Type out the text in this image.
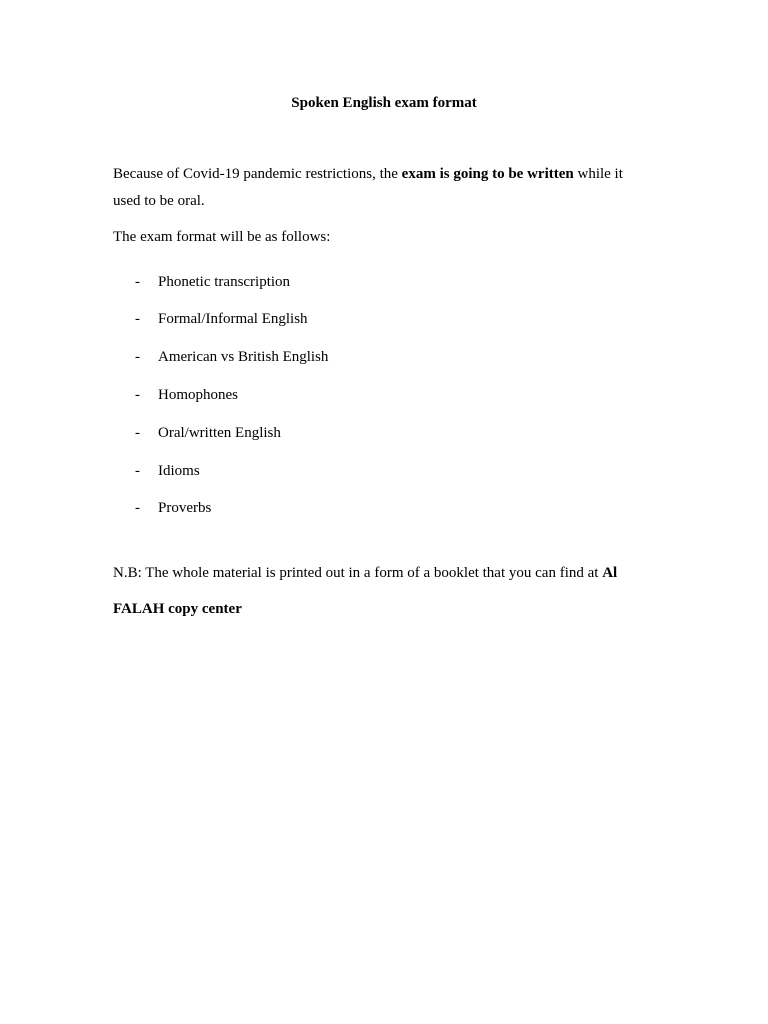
Spoken English exam format
Because of Covid-19 pandemic restrictions, the exam is going to be written while it
used to be oral.
The exam format will be as follows:
-	Phonetic transcription
-	Formal/Informal English
-	American vs British English
-	Homophones
-	Oral/written English
-	Idioms
-	Proverbs
N.B: The whole material is printed out in a form of a booklet that you can find at Al
FALAH copy center
